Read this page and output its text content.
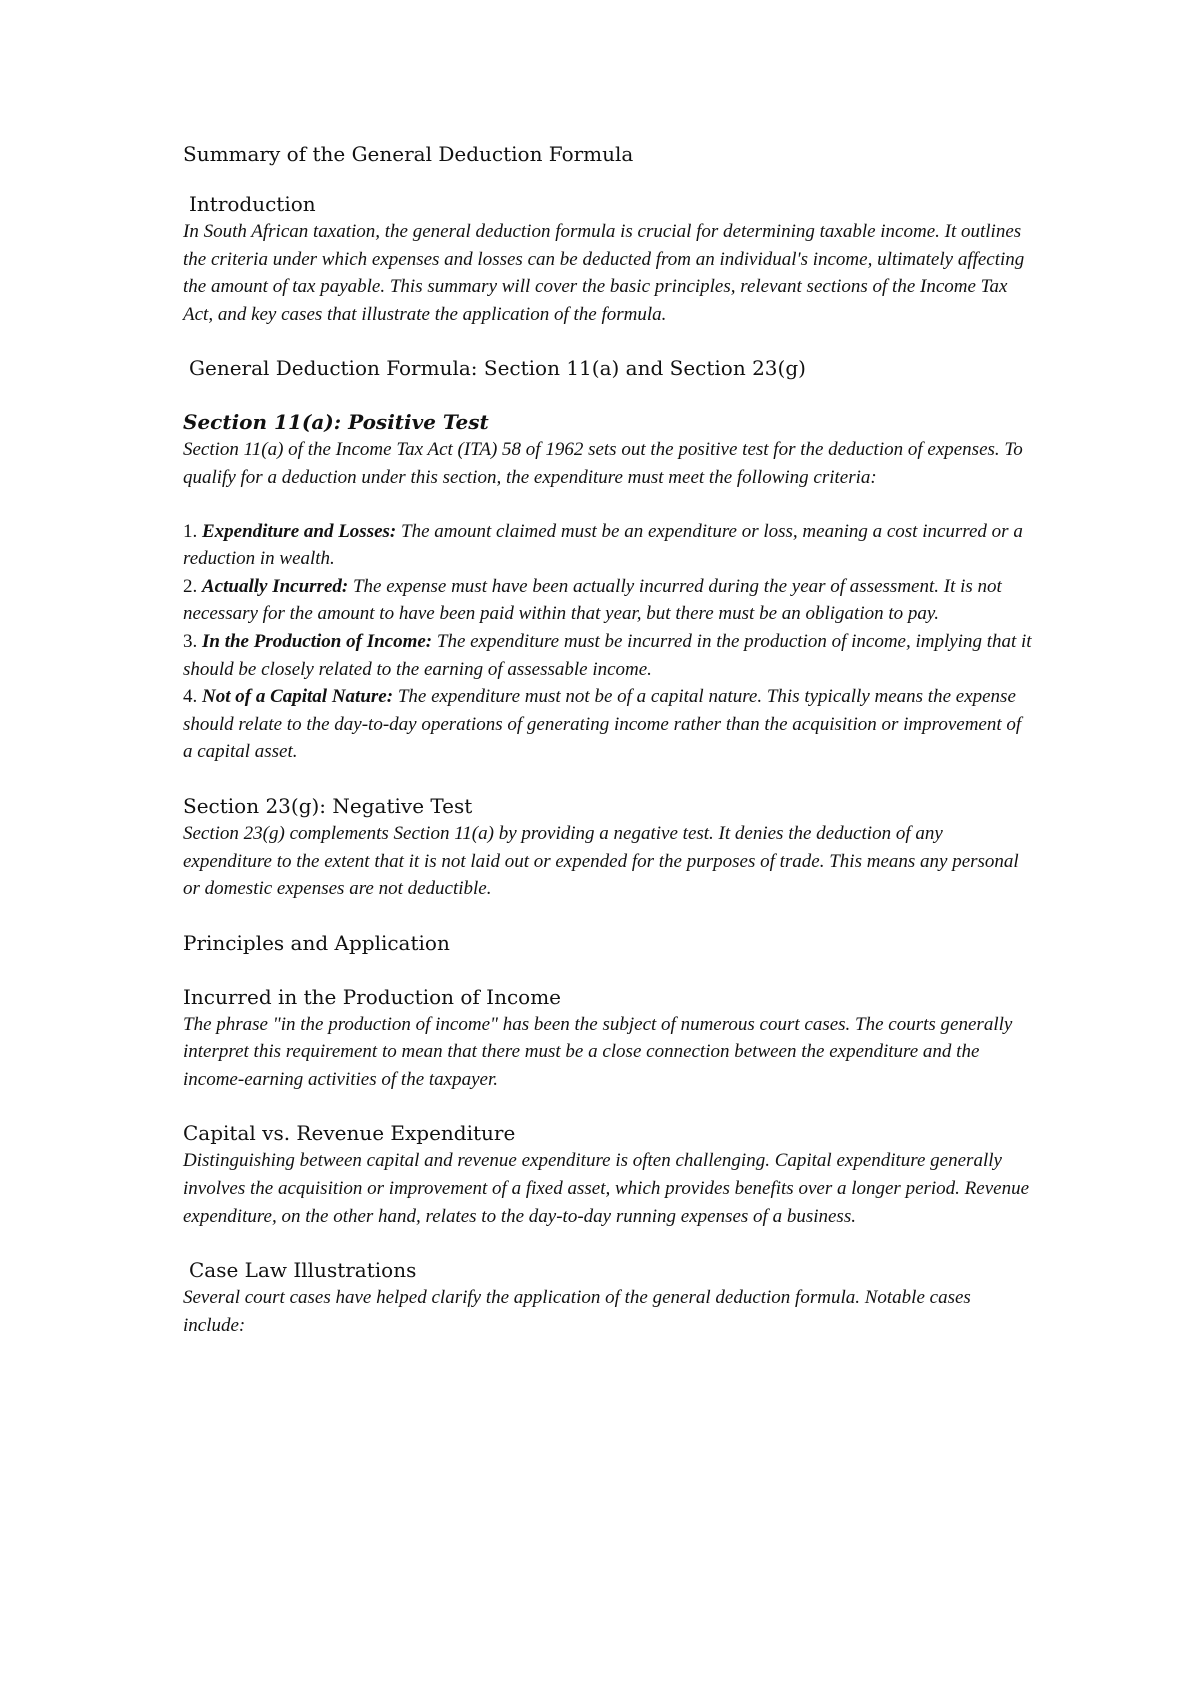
Summary of the General Deduction Formula
Introduction

In South African taxation, the general deduction formula is crucial for determining taxable income. It outlines the criteria under which expenses and losses can be deducted from an individual's income, ultimately affecting the amount of tax payable. This summary will cover the basic principles, relevant sections of the Income Tax Act, and key cases that illustrate the application of the formula.

General Deduction Formula: Section 11(a) and Section 23(g)
Section 11(a): Positive Test

Section 11(a) of the Income Tax Act (ITA) 58 of 1962 sets out the positive test for the deduction of expenses. To qualify for a deduction under this section, the expenditure must meet the following criteria:

1. Expenditure and Losses: The amount claimed must be an expenditure or loss, meaning a cost incurred or a reduction in wealth.

2. Actually Incurred: The expense must have been actually incurred during the year of assessment. It is not necessary for the amount to have been paid within that year, but there must be an obligation to pay.

3. In the Production of Income: The expenditure must be incurred in the production of income, implying that it should be closely related to the earning of assessable income.

4. Not of a Capital Nature: The expenditure must not be of a capital nature. This typically means the expense should relate to the day-to-day operations of generating income rather than the acquisition or improvement of a capital asset.

Section 23(g): Negative Test

Section 23(g) complements Section 11(a) by providing a negative test. It denies the deduction of any expenditure to the extent that it is not laid out or expended for the purposes of trade. This means any personal or domestic expenses are not deductible.

Principles and Application
Incurred in the Production of Income

The phrase "in the production of income" has been the subject of numerous court cases. The courts generally interpret this requirement to mean that there must be a close connection between the expenditure and the income-earning activities of the taxpayer.

Capital vs. Revenue Expenditure

Distinguishing between capital and revenue expenditure is often challenging. Capital expenditure generally involves the acquisition or improvement of a fixed asset, which provides benefits over a longer period. Revenue expenditure, on the other hand, relates to the day-to-day running expenses of a business.

Case Law Illustrations

Several court cases have helped clarify the application of the general deduction formula. Notable cases include:
